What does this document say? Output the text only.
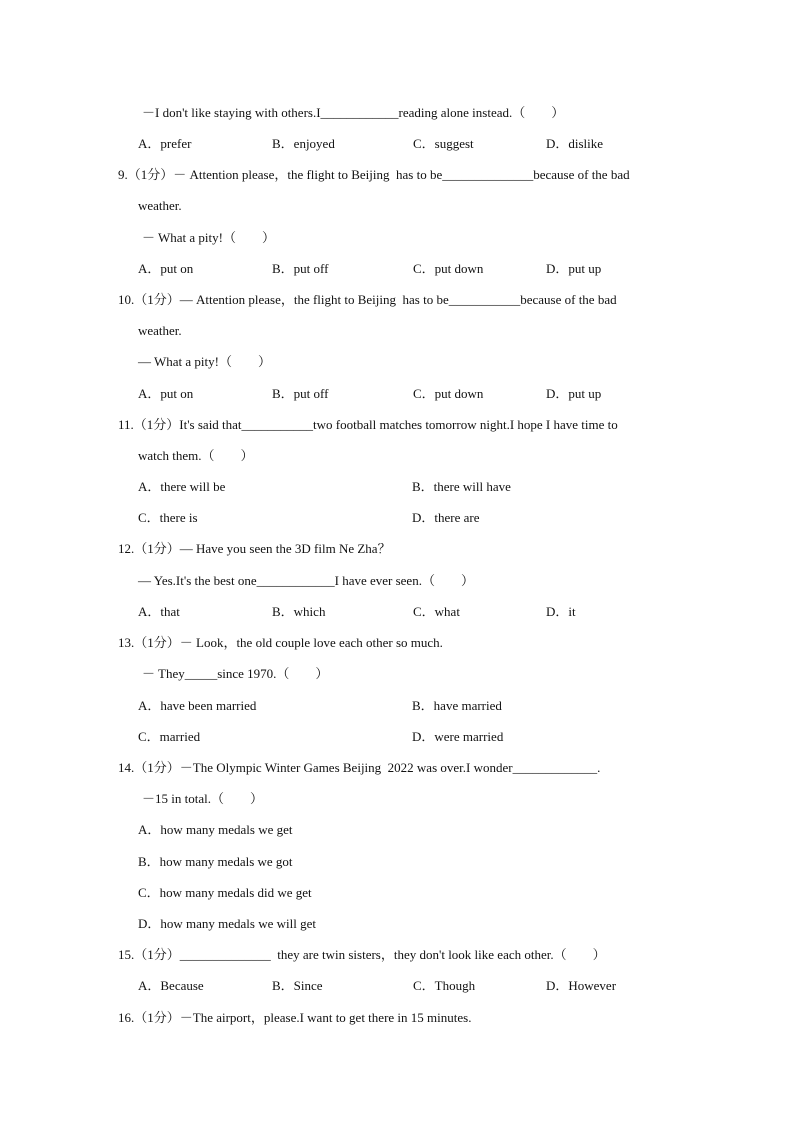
－I don't like staying with others.I____________reading alone instead.（　　）
A．prefer	B．enjoyed	C．suggest	D．dislike
9.（1分）－ Attention please，the flight to Beijing  has to be______________because of the bad
weather.
－ What a pity!（　　）
A．put on	B．put off	C．put down	D．put up
10.（1分）— Attention please，the flight to Beijing  has to be___________because of the bad
weather.
— What a pity!（　　）
A．put on	B．put off	C．put down	D．put up
11.（1分）It's said that___________two football matches tomorrow night.I hope I have time to
watch them.（　　）
A．there will be	B．there will have
C．there is	D．there are
12.（1分）— Have you seen the 3D film Ne Zha？
— Yes.It's the best one____________I have ever seen.（　　）
A．that	B．which	C．what	D．it
13.（1分）－ Look，the old couple love each other so much.
－ They_____since 1970.（　　）
A．have been married	B．have married
C．married	D．were married
14.（1分）－The Olympic Winter Games Beijing  2022 was over.I wonder_____________.
－15 in total.（　　）
A．how many medals we get
B．how many medals we got
C．how many medals did we get
D．how many medals we will get
15.（1分）______________  they are twin sisters，they don't look like each other.（　　）
A．Because	B．Since	C．Though	D．However
16.（1分）－The airport，please.I want to get there in 15 minutes.
